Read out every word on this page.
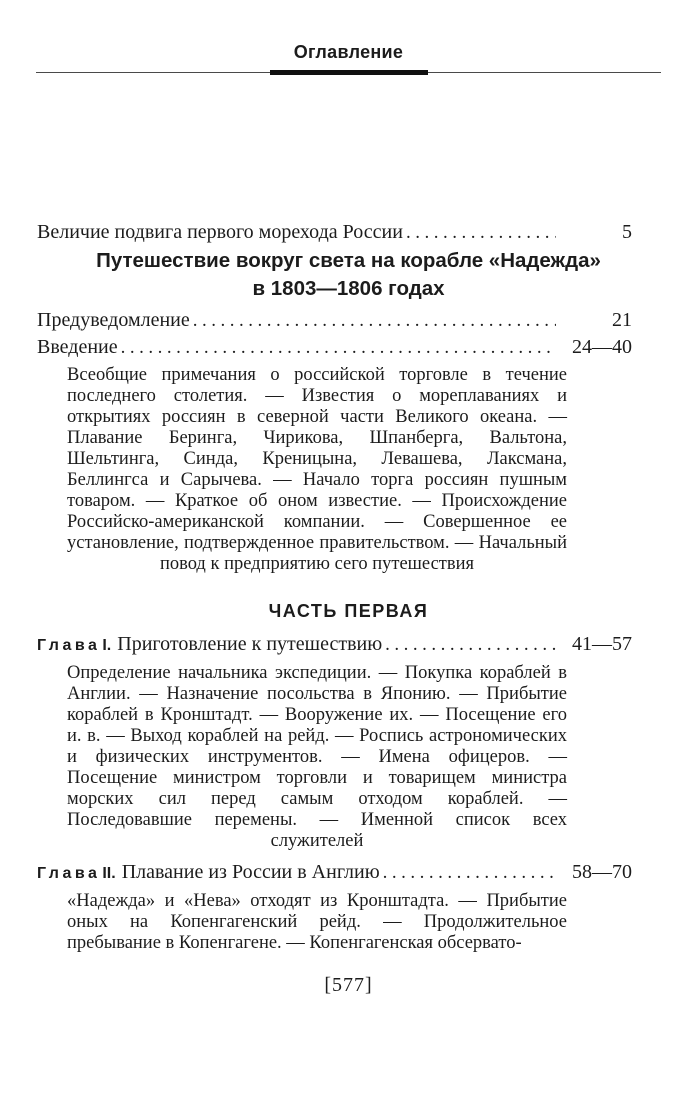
Оглавление
Величие подвига первого морехода России .....	5
Путешествие вокруг света на корабле «Надежда»
в 1803—1806 годах
Предуведомление .....	21
Введение .....	24—40
Всеобщие примечания о российской торговле в течение последнего столетия. — Известия о мореплаваниях и открытиях россиян в северной части Великого океана. — Плавание Беринга, Чирикова, Шпанберга, Вальтона, Шельтинга, Синда, Креницына, Левашева, Лаксмана, Беллингса и Сарычева. — Начало торга россиян пушным товаром. — Краткое об оном известие. — Происхождение Российско-американской компании. — Совершенное ее установление, подтвержденное правительством. — Начальный повод к предприятию сего путешествия
ЧАСТЬ ПЕРВАЯ
Глава I. Приготовление к путешествию .....	41—57
Определение начальника экспедиции. — Покупка кораблей в Англии. — Назначение посольства в Японию. — Прибытие кораблей в Кронштадт. — Вооружение их. — Посещение его и. в. — Выход кораблей на рейд. — Роспись астрономических и физических инструментов. — Имена офицеров. — Посещение министром торговли и товарищем министра морских сил перед самым отходом кораблей. — Последовавшие перемены. — Именной список всех служителей
Глава II. Плавание из России в Англию .....	58—70
«Надежда» и «Нева» отходят из Кронштадта. — Прибытие оных на Копенгагенский рейд. — Продолжительное пребывание в Копенгагене. — Копенгагенская обсервато-
[577]
